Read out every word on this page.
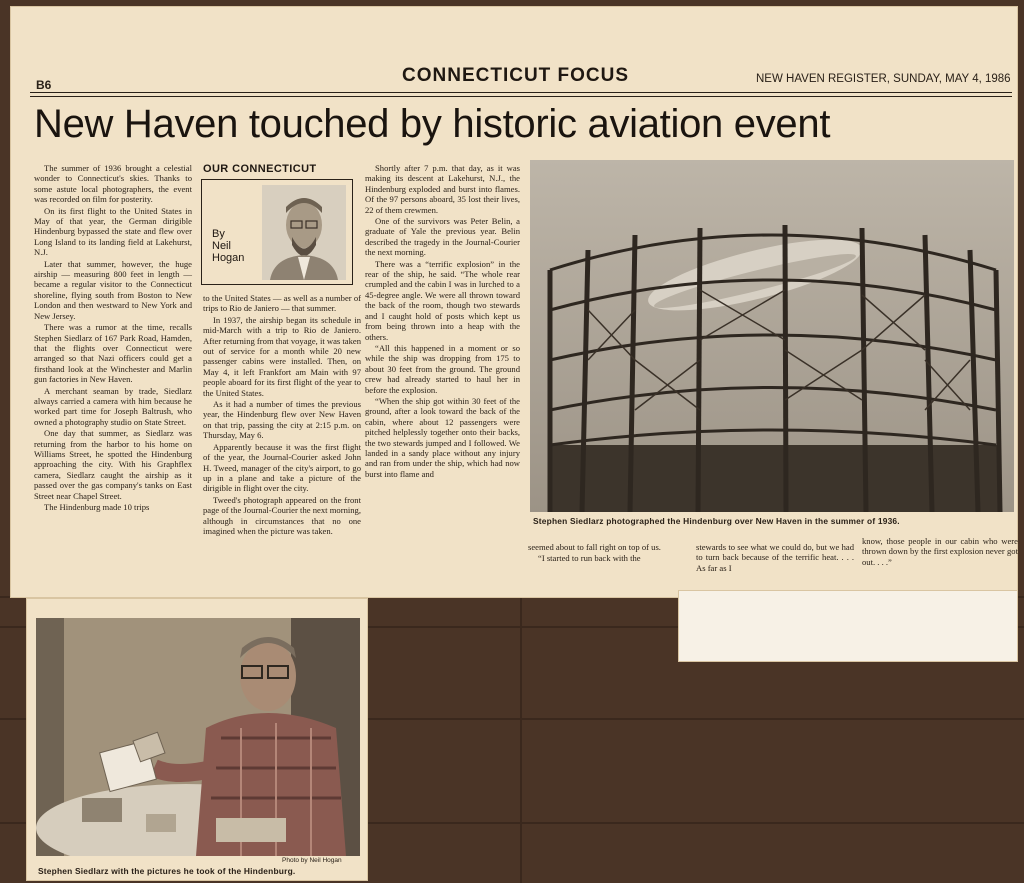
B6	CONNECTICUT FOCUS	NEW HAVEN REGISTER, SUNDAY, MAY 4, 1986
New Haven touched by historic aviation event

The summer of 1936 brought a celestial wonder to Connecticut's skies. Thanks to some astute local photographers, the event was recorded on film for posterity.

On its first flight to the United States in May of that year, the German dirigible Hindenburg bypassed the state and flew over Long Island to its landing field at Lakehurst, N.J.

Later that summer, however, the huge airship — measuring 800 feet in length — became a regular visitor to the Connecticut shoreline, flying south from Boston to New London and then westward to New York and New Jersey.

There was a rumor at the time, recalls Stephen Siedlarz of 167 Park Road, Hamden, that the flights over Connecticut were arranged so that Nazi officers could get a firsthand look at the Winchester and Marlin gun factories in New Haven.

A merchant seaman by trade, Siedlarz always carried a camera with him because he worked part time for Joseph Baltrush, who owned a photography studio on State Street.

One day that summer, as Siedlarz was returning from the harbor to his home on Williams Street, he spotted the Hindenburg approaching the city. With his Graphflex camera, Siedlarz caught the airship as it passed over the gas company's tanks on East Street near Chapel Street.

The Hindenburg made 10 trips

OUR CONNECTICUT
By
Neil
Hogan

to the United States — as well as a number of trips to Rio de Janiero — that summer.

In 1937, the airship began its schedule in mid-March with a trip to Rio de Janiero. After returning from that voyage, it was taken out of service for a month while 20 new passenger cabins were installed. Then, on May 4, it left Frankfort am Main with 97 people aboard for its first flight of the year to the United States.

As it had a number of times the previous year, the Hindenburg flew over New Haven on that trip, passing the city at 2:15 p.m. on Thursday, May 6.

Apparently because it was the first flight of the year, the Journal-Courier asked John H. Tweed, manager of the city's airport, to go up in a plane and take a picture of the dirigible in flight over the city.

Tweed's photograph appeared on the front page of the Journal-Courier the next morning, although in circumstances that no one imagined when the picture was taken.

Shortly after 7 p.m. that day, as it was making its descent at Lakehurst, N.J., the Hindenburg exploded and burst into flames. Of the 97 persons aboard, 35 lost their lives, 22 of them crewmen.

One of the survivors was Peter Belin, a graduate of Yale the previous year. Belin described the tragedy in the Journal-Courier the next morning.

There was a “terrific explosion” in the rear of the ship, he said. “The whole rear crumpled and the cabin I was in lurched to a 45-degree angle. We were all thrown toward the back of the room, though two stewards and I caught hold of posts which kept us from being thrown into a heap with the others.

“All this happened in a moment or so while the ship was dropping from 175 to about 30 feet from the ground. The ground crew had already started to haul her in before the explosion.

“When the ship got within 30 feet of the ground, after a look toward the back of the cabin, where about 12 passengers were pitched helplessly together onto their backs, the two stewards jumped and I followed. We landed in a sandy place without any injury and ran from under the ship, which had now burst into flame and

Stephen Siedlarz photographed the Hindenburg over New Haven in the summer of 1936.

seemed about to fall right on top of us.

“I started to run back with the

stewards to see what we could do, but we had to turn back because of the terrific heat. . . . As far as I

know, those people in our cabin who were thrown down by the first explosion never got out. . . .”

Photo by Neil Hogan
Stephen Siedlarz with the pictures he took of the Hindenburg.
